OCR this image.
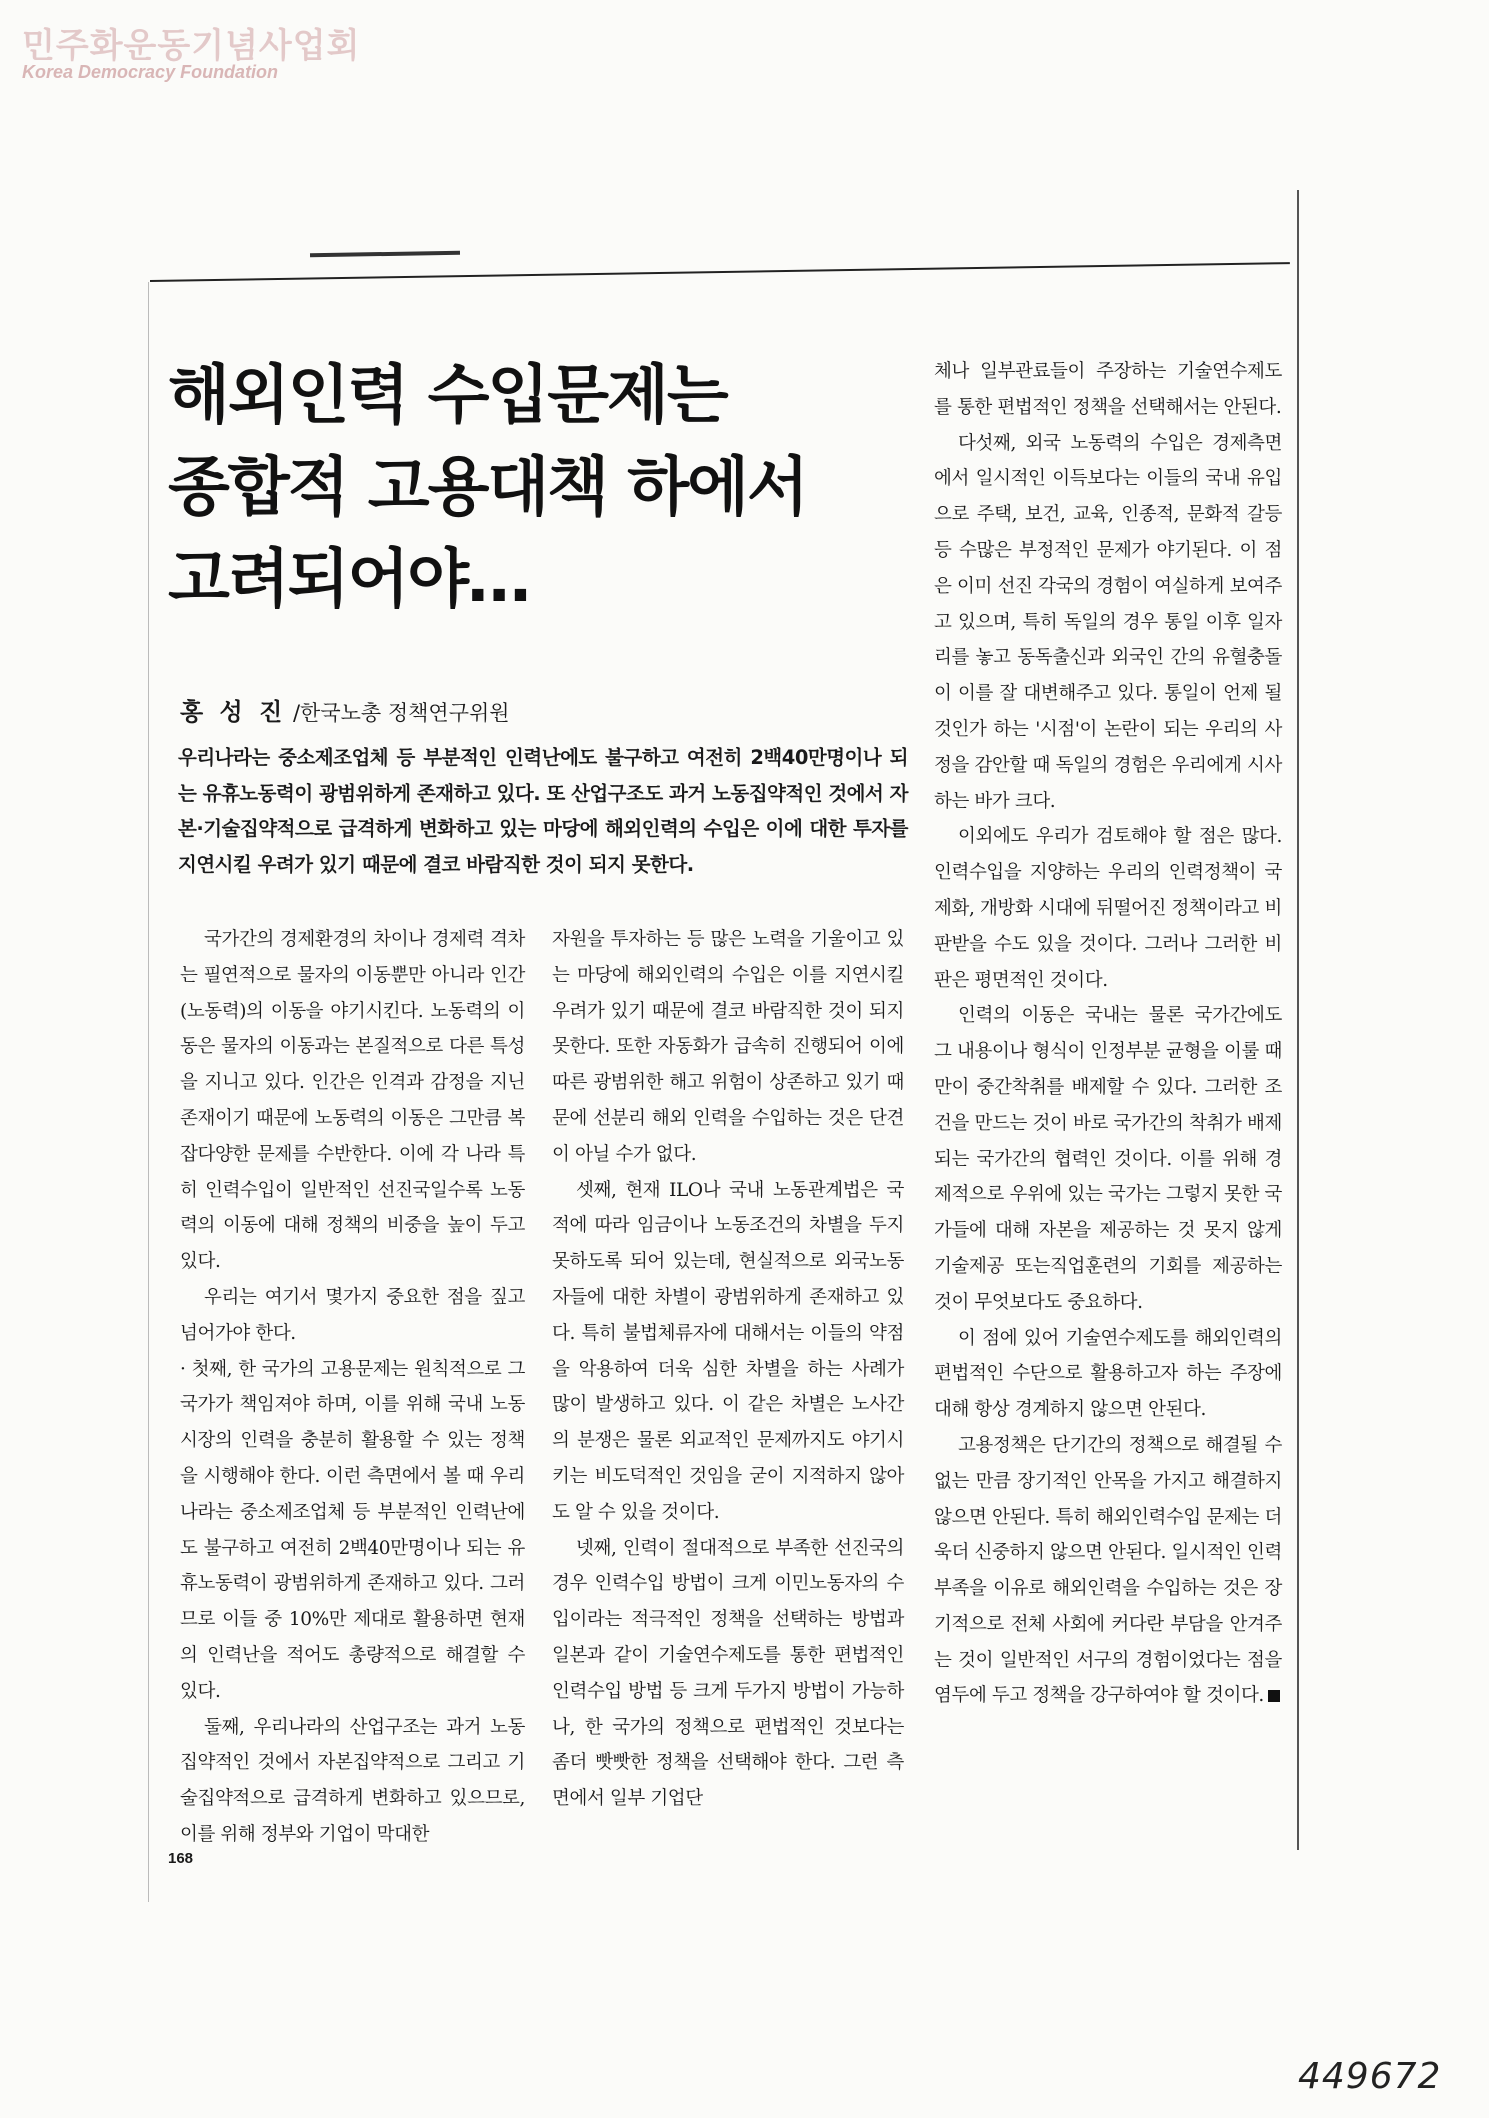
민주화운동기념사업회
Korea Democracy Foundation
해외인력 수입문제는
종합적 고용대책 하에서
고려되어야…
홍 성 진 /한국노총 정책연구위원

우리나라는 중소제조업체 등 부분적인 인력난에도 불구하고 여전히 2백40만명이나 되는 유휴노동력이 광범위하게 존재하고 있다. 또 산업구조도 과거 노동집약적인 것에서 자본·기술집약적으로 급격하게 변화하고 있는 마당에 해외인력의 수입은 이에 대한 투자를 지연시킬 우려가 있기 때문에 결코 바람직한 것이 되지 못한다.

국가간의 경제환경의 차이나 경제력 격차는 필연적으로 물자의 이동뿐만 아니라 인간(노동력)의 이동을 야기시킨다. 노동력의 이동은 물자의 이동과는 본질적으로 다른 특성을 지니고 있다. 인간은 인격과 감정을 지닌 존재이기 때문에 노동력의 이동은 그만큼 복잡다양한 문제를 수반한다. 이에 각 나라 특히 인력수입이 일반적인 선진국일수록 노동력의 이동에 대해 정책의 비중을 높이 두고 있다.

우리는 여기서 몇가지 중요한 점을 짚고 넘어가야 한다.

· 첫째, 한 국가의 고용문제는 원칙적으로 그 국가가 책임져야 하며, 이를 위해 국내 노동시장의 인력을 충분히 활용할 수 있는 정책을 시행해야 한다. 이런 측면에서 볼 때 우리나라는 중소제조업체 등 부분적인 인력난에도 불구하고 여전히 2백40만명이나 되는 유휴노동력이 광범위하게 존재하고 있다. 그러므로 이들 중 10%만 제대로 활용하면 현재의 인력난을 적어도 총량적으로 해결할 수 있다.

둘째, 우리나라의 산업구조는 과거 노동집약적인 것에서 자본집약적으로 그리고 기술집약적으로 급격하게 변화하고 있으므로, 이를 위해 정부와 기업이 막대한

자원을 투자하는 등 많은 노력을 기울이고 있는 마당에 해외인력의 수입은 이를 지연시킬 우려가 있기 때문에 결코 바람직한 것이 되지 못한다. 또한 자동화가 급속히 진행되어 이에 따른 광범위한 해고 위험이 상존하고 있기 때문에 선분리 해외 인력을 수입하는 것은 단견이 아닐 수가 없다.

셋째, 현재 ILO나 국내 노동관계법은 국적에 따라 임금이나 노동조건의 차별을 두지 못하도록 되어 있는데, 현실적으로 외국노동자들에 대한 차별이 광범위하게 존재하고 있다. 특히 불법체류자에 대해서는 이들의 약점을 악용하여 더욱 심한 차별을 하는 사례가 많이 발생하고 있다. 이 같은 차별은 노사간의 분쟁은 물론 외교적인 문제까지도 야기시키는 비도덕적인 것임을 굳이 지적하지 않아도 알 수 있을 것이다.

넷째, 인력이 절대적으로 부족한 선진국의 경우 인력수입 방법이 크게 이민노동자의 수입이라는 적극적인 정책을 선택하는 방법과 일본과 같이 기술연수제도를 통한 편법적인 인력수입 방법 등 크게 두가지 방법이 가능하나, 한 국가의 정책으로 편법적인 것보다는 좀더 빳빳한 정책을 선택해야 한다. 그런 측면에서 일부 기업단

체나 일부관료들이 주장하는 기술연수제도를 통한 편법적인 정책을 선택해서는 안된다.

다섯째, 외국 노동력의 수입은 경제측면에서 일시적인 이득보다는 이들의 국내 유입으로 주택, 보건, 교육, 인종적, 문화적 갈등 등 수많은 부정적인 문제가 야기된다. 이 점은 이미 선진 각국의 경험이 여실하게 보여주고 있으며, 특히 독일의 경우 통일 이후 일자리를 놓고 동독출신과 외국인 간의 유혈충돌이 이를 잘 대변해주고 있다. 통일이 언제 될 것인가 하는 '시점'이 논란이 되는 우리의 사정을 감안할 때 독일의 경험은 우리에게 시사하는 바가 크다.

이외에도 우리가 검토해야 할 점은 많다. 인력수입을 지양하는 우리의 인력정책이 국제화, 개방화 시대에 뒤떨어진 정책이라고 비판받을 수도 있을 것이다. 그러나 그러한 비판은 평면적인 것이다.

인력의 이동은 국내는 물론 국가간에도 그 내용이나 형식이 인정부분 균형을 이룰 때만이 중간착취를 배제할 수 있다. 그러한 조건을 만드는 것이 바로 국가간의 착취가 배제되는 국가간의 협력인 것이다. 이를 위해 경제적으로 우위에 있는 국가는 그렇지 못한 국가들에 대해 자본을 제공하는 것 못지 않게 기술제공 또는직업훈련의 기회를 제공하는 것이 무엇보다도 중요하다.

이 점에 있어 기술연수제도를 해외인력의 편법적인 수단으로 활용하고자 하는 주장에 대해 항상 경계하지 않으면 안된다.

고용정책은 단기간의 정책으로 해결될 수 없는 만큼 장기적인 안목을 가지고 해결하지 않으면 안된다. 특히 해외인력수입 문제는 더욱더 신중하지 않으면 안된다. 일시적인 인력부족을 이유로 해외인력을 수입하는 것은 장기적으로 전체 사회에 커다란 부담을 안겨주는 것이 일반적인 서구의 경험이었다는 점을 염두에 두고 정책을 강구하여야 할 것이다.

168
449672
